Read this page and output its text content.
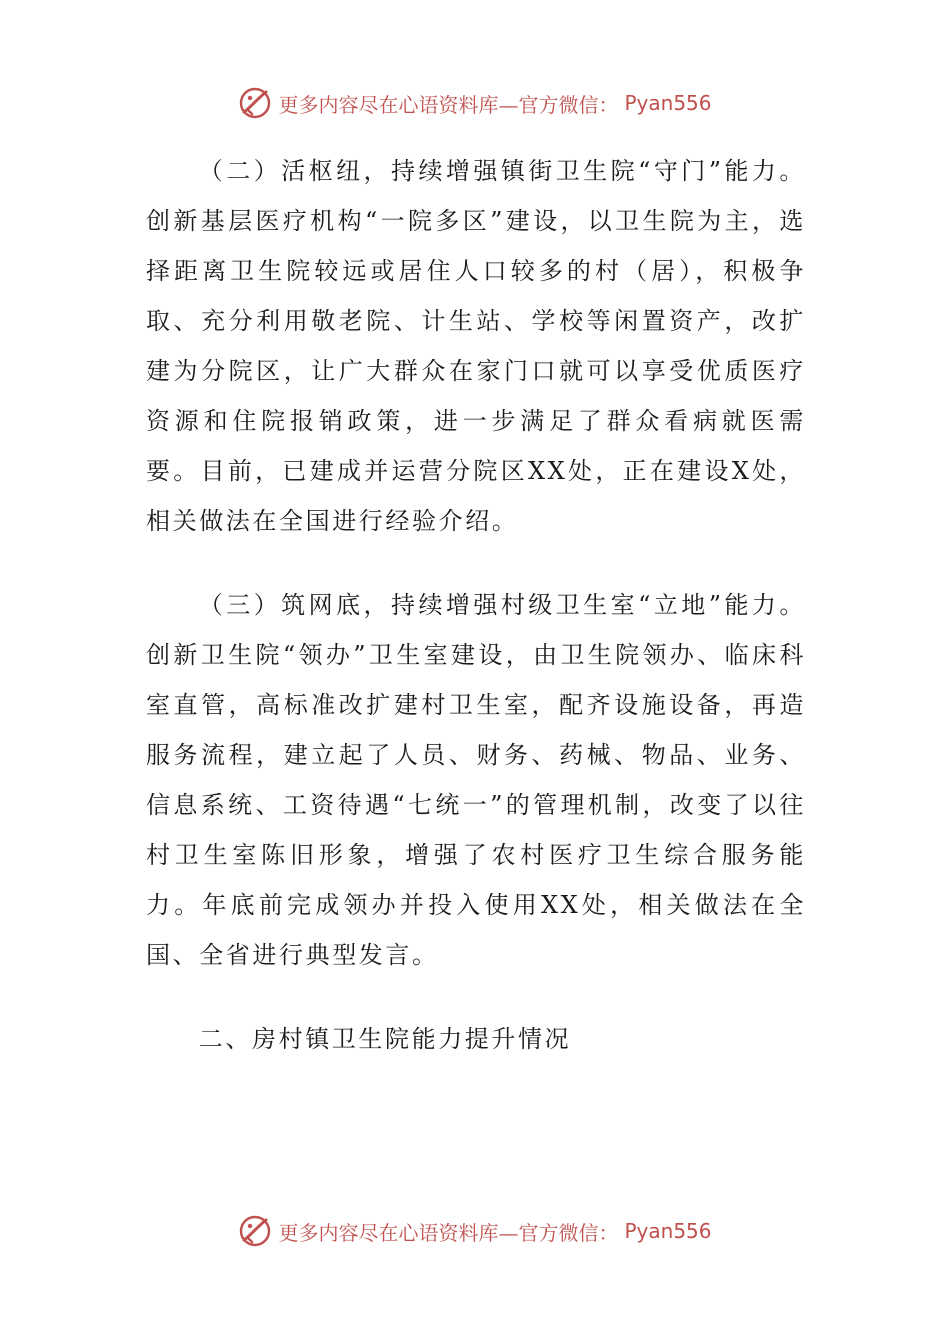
更多内容尽在心语资料库—官方微信： Pyan556

（二）活枢纽，持续增强镇街卫生院“守门”能力。创新基层医疗机构“一院多区”建设，以卫生院为主，选择距离卫生院较远或居住人口较多的村（居），积极争取、充分利用敬老院、计生站、学校等闲置资产，改扩建为分院区，让广大群众在家门口就可以享受优质医疗资源和住院报销政策，进一步满足了群众看病就医需要。目前，已建成并运营分院区XX处，正在建设X处，相关做法在全国进行经验介绍。

（三）筑网底，持续增强村级卫生室“立地”能力。创新卫生院“领办”卫生室建设，由卫生院领办、临床科室直管，高标准改扩建村卫生室，配齐设施设备，再造服务流程，建立起了人员、财务、药械、物品、业务、信息系统、工资待遇“七统一”的管理机制，改变了以往村卫生室陈旧形象，增强了农村医疗卫生综合服务能力。年底前完成领办并投入使用XX处，相关做法在全国、全省进行典型发言。

二、房村镇卫生院能力提升情况

更多内容尽在心语资料库—官方微信： Pyan556
